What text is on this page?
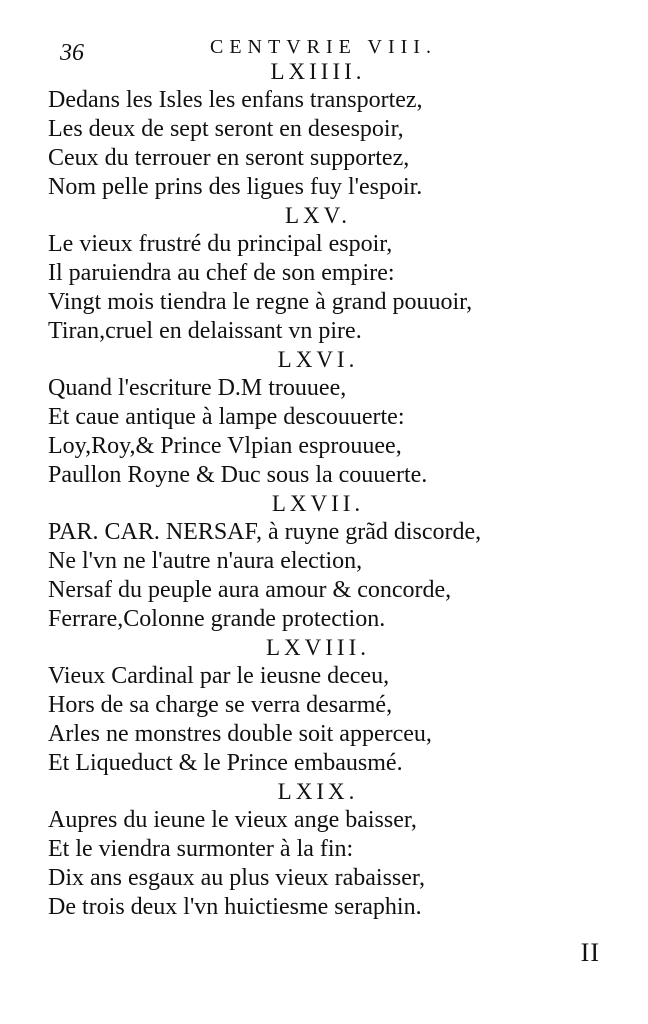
36	CENTVRIE VIII.
LXIIII.
Dedans les Isles les enfans transportez,
Les deux de sept seront en desespoir,
Ceux du terrouer en seront supportez,
Nom pelle prins des ligues fuy l'espoir.
LXV.
Le vieux frustré du principal espoir,
Il paruiendra au chef de son empire:
Vingt mois tiendra le regne à grand pouuoir,
Tiran,cruel en delaissant vn pire.
LXVI.
Quand l'escriture D.M trouuee,
Et caue antique à lampe descouuerte:
Loy,Roy,& Prince Vlpian esprouuee,
Paullon Royne & Duc sous la couuerte.
LXVII.
PAR. CAR. NERSAF, à ruyne grãd discorde,
Ne l'vn ne l'autre n'aura election,
Nersaf du peuple aura amour & concorde,
Ferrare,Colonne grande protection.
LXVIII.
Vieux Cardinal par le ieusne deceu,
Hors de sa charge se verra desarmé,
Arles ne monstres double soit apperceu,
Et Liqueduct & le Prince embausmé.
LXIX.
Aupres du ieune le vieux ange baisser,
Et le viendra surmonter à la fin:
Dix ans esgaux au plus vieux rabaisser,
De trois deux l'vn huictiesme seraphin.
II
